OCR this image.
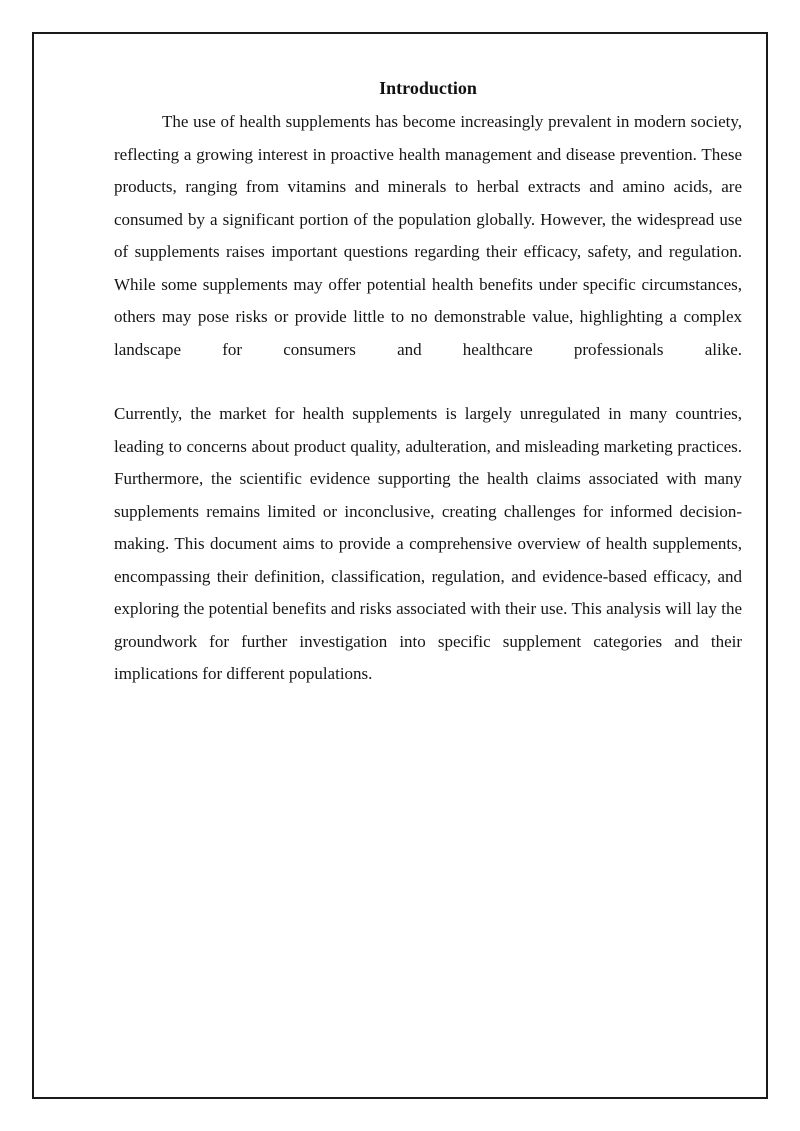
Introduction

The use of health supplements has become increasingly prevalent in modern society, reflecting a growing interest in proactive health management and disease prevention. These products, ranging from vitamins and minerals to herbal extracts and amino acids, are consumed by a significant portion of the population globally. However, the widespread use of supplements raises important questions regarding their efficacy, safety, and regulation. While some supplements may offer potential health benefits under specific circumstances, others may pose risks or provide little to no demonstrable value, highlighting a complex landscape for consumers and healthcare professionals alike.

Currently, the market for health supplements is largely unregulated in many countries, leading to concerns about product quality, adulteration, and misleading marketing practices. Furthermore, the scientific evidence supporting the health claims associated with many supplements remains limited or inconclusive, creating challenges for informed decision-making. This document aims to provide a comprehensive overview of health supplements, encompassing their definition, classification, regulation, and evidence-based efficacy, and exploring the potential benefits and risks associated with their use. This analysis will lay the groundwork for further investigation into specific supplement categories and their implications for different populations.
